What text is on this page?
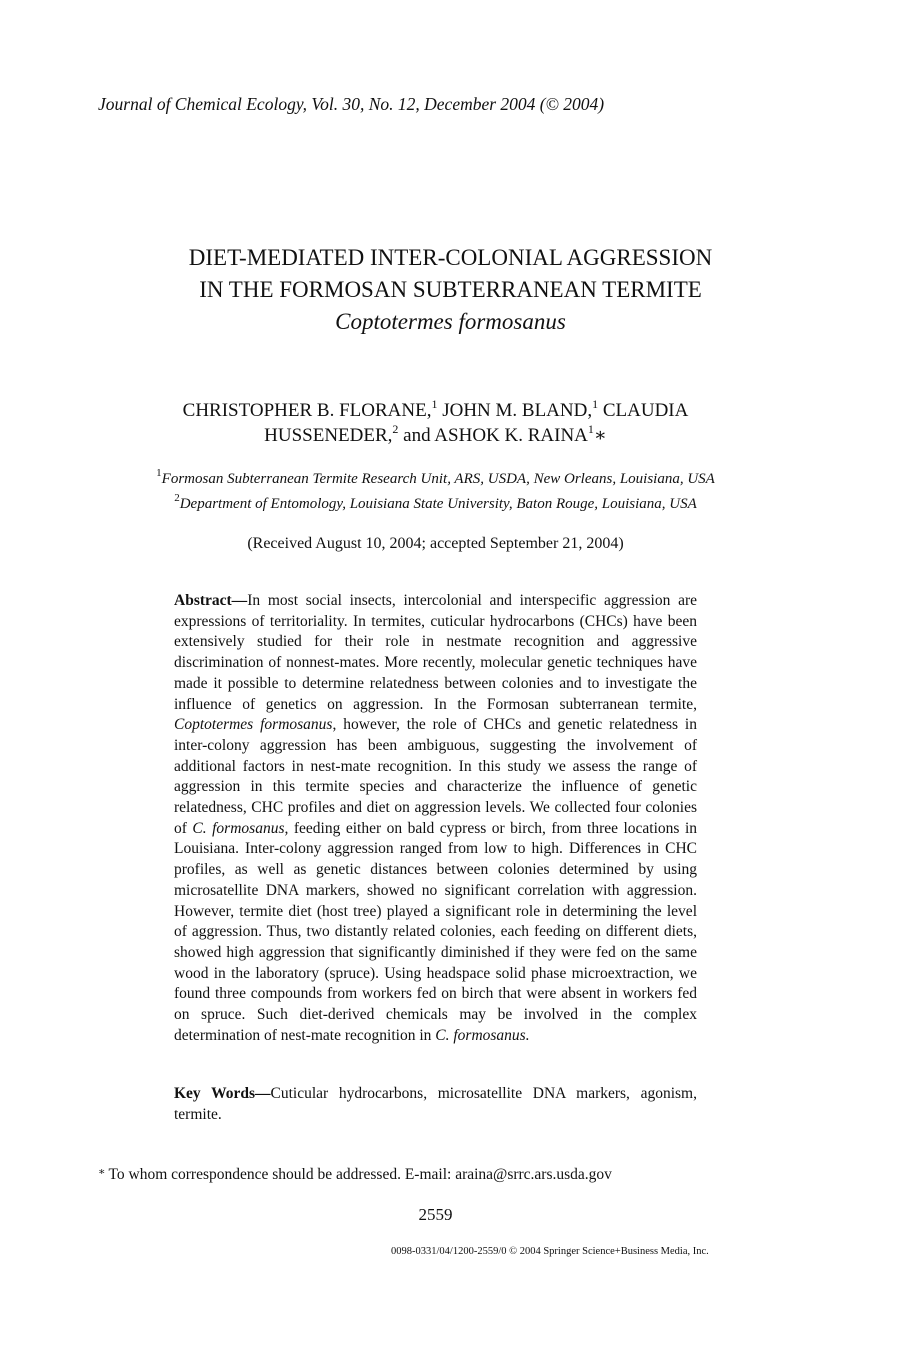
Journal of Chemical Ecology, Vol. 30, No. 12, December 2004 (© 2004)
DIET-MEDIATED INTER-COLONIAL AGGRESSION
IN THE FORMOSAN SUBTERRANEAN TERMITE
Coptotermes formosanus
CHRISTOPHER B. FLORANE,$^1$ JOHN M. BLAND,$^1$ CLAUDIA
HUSSENEDER,$^2$ and ASHOK K. RAINA$^1$∗
$^1$Formosan Subterranean Termite Research Unit, ARS, USDA, New Orleans, Louisiana, USA
$^2$Department of Entomology, Louisiana State University, Baton Rouge, Louisiana, USA
(Received August 10, 2004; accepted September 21, 2004)
Abstract—In most social insects, intercolonial and interspecific aggression are expressions of territoriality. In termites, cuticular hydrocarbons (CHCs) have been extensively studied for their role in nestmate recognition and aggressive discrimination of nonnest-mates. More recently, molecular genetic techniques have made it possible to determine relatedness between colonies and to investigate the influence of genetics on aggression. In the Formosan subterranean termite, Coptotermes formosanus, however, the role of CHCs and genetic relatedness in inter-colony aggression has been ambiguous, suggesting the involvement of additional factors in nest-mate recognition. In this study we assess the range of aggression in this termite species and characterize the influence of genetic relatedness, CHC profiles and diet on aggression levels. We collected four colonies of C. formosanus, feeding either on bald cypress or birch, from three locations in Louisiana. Inter-colony aggression ranged from low to high. Differences in CHC profiles, as well as genetic distances between colonies determined by using microsatellite DNA markers, showed no significant correlation with aggression. However, termite diet (host tree) played a significant role in determining the level of aggression. Thus, two distantly related colonies, each feeding on different diets, showed high aggression that significantly diminished if they were fed on the same wood in the laboratory (spruce). Using headspace solid phase microextraction, we found three compounds from workers fed on birch that were absent in workers fed on spruce. Such diet-derived chemicals may be involved in the complex determination of nest-mate recognition in C. formosanus.
Key Words—Cuticular hydrocarbons, microsatellite DNA markers, agonism, termite.
∗ To whom correspondence should be addressed. E-mail: araina@srrc.ars.usda.gov
2559
0098-0331/04/1200-2559/0 © 2004 Springer Science+Business Media, Inc.
